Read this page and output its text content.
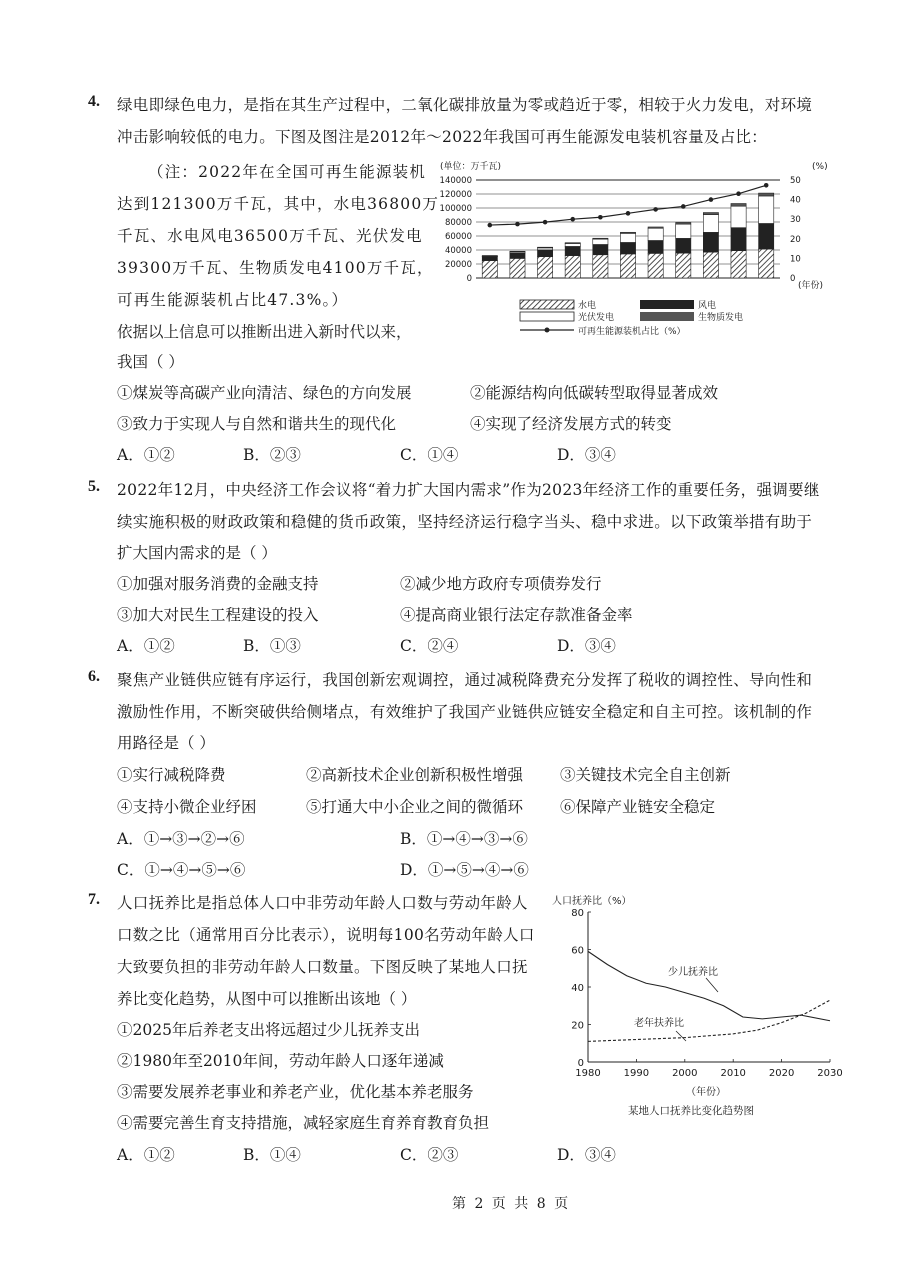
4. 绿电即绿色电力，是指在其生产过程中，二氧化碳排放量为零或趋近于零，相较于火力发电，对环境
冲击影响较低的电力。下图及图注是2012年～2022年我国可再生能源发电装机容量及占比：
（注：2022年在全国可再生能源装机
达到121300万千瓦，其中，水电36800万
千瓦、水电风电36500万千瓦、光伏发电
39300万千瓦、生物质发电4100万千瓦，
可再生能源装机占比47.3%。）
依据以上信息可以推断出进入新时代以来，
我国（ ）
(单位：万千瓦)	(%)
140000
120000
100000
80000
60000
40000
20000
0
50
40
30
20
10
0
(年份)
水电	风电
光伏发电	生物质发电
可再生能源装机占比（%）
①煤炭等高碳产业向清洁、绿色的方向发展	②能源结构向低碳转型取得显著成效
③致力于实现人与自然和谐共生的现代化	④实现了经济发展方式的转变
A．①②	B．②③	C．①④	D．③④
5. 2022年12月，中央经济工作会议将“着力扩大国内需求”作为2023年经济工作的重要任务，强调要继
续实施积极的财政政策和稳健的货币政策，坚持经济运行稳字当头、稳中求进。以下政策举措有助于
扩大国内需求的是（ ）
①加强对服务消费的金融支持	②减少地方政府专项债券发行
③加大对民生工程建设的投入	④提高商业银行法定存款准备金率
A．①②	B．①③	C．②④	D．③④
6. 聚焦产业链供应链有序运行，我国创新宏观调控，通过减税降费充分发挥了税收的调控性、导向性和
激励性作用，不断突破供给侧堵点，有效维护了我国产业链供应链安全稳定和自主可控。该机制的作
用路径是（ ）
①实行减税降费	②高新技术企业创新积极性增强 ③关键技术完全自主创新
④支持小微企业纾困	⑤打通大中小企业之间的微循环 ⑥保障产业链安全稳定
A．①→③→②→⑥	B．①→④→③→⑥
C．①→④→⑤→⑥	D．①→⑤→④→⑥
7. 人口抚养比是指总体人口中非劳动年龄人口数与劳动年龄人
口数之比（通常用百分比表示），说明每100名劳动年龄人口
大致要负担的非劳动年龄人口数量。下图反映了某地人口抚
养比变化趋势，从图中可以推断出该地（ ）
①2025年后养老支出将远超过少儿抚养支出
②1980年至2010年间，劳动年龄人口逐年递减
③需要发展养老事业和养老产业，优化基本养老服务
④需要完善生育支持措施，减轻家庭生育养育教育负担
A．①②	B．①④	C．②③	D．③④
人口抚养比（%）
0
20
40
60
80
1980 1990 2000 2010 2020 2030
少儿抚养比
老年扶养比
（年份）
某地人口抚养比变化趋势图
第 2 页 共 8 页
